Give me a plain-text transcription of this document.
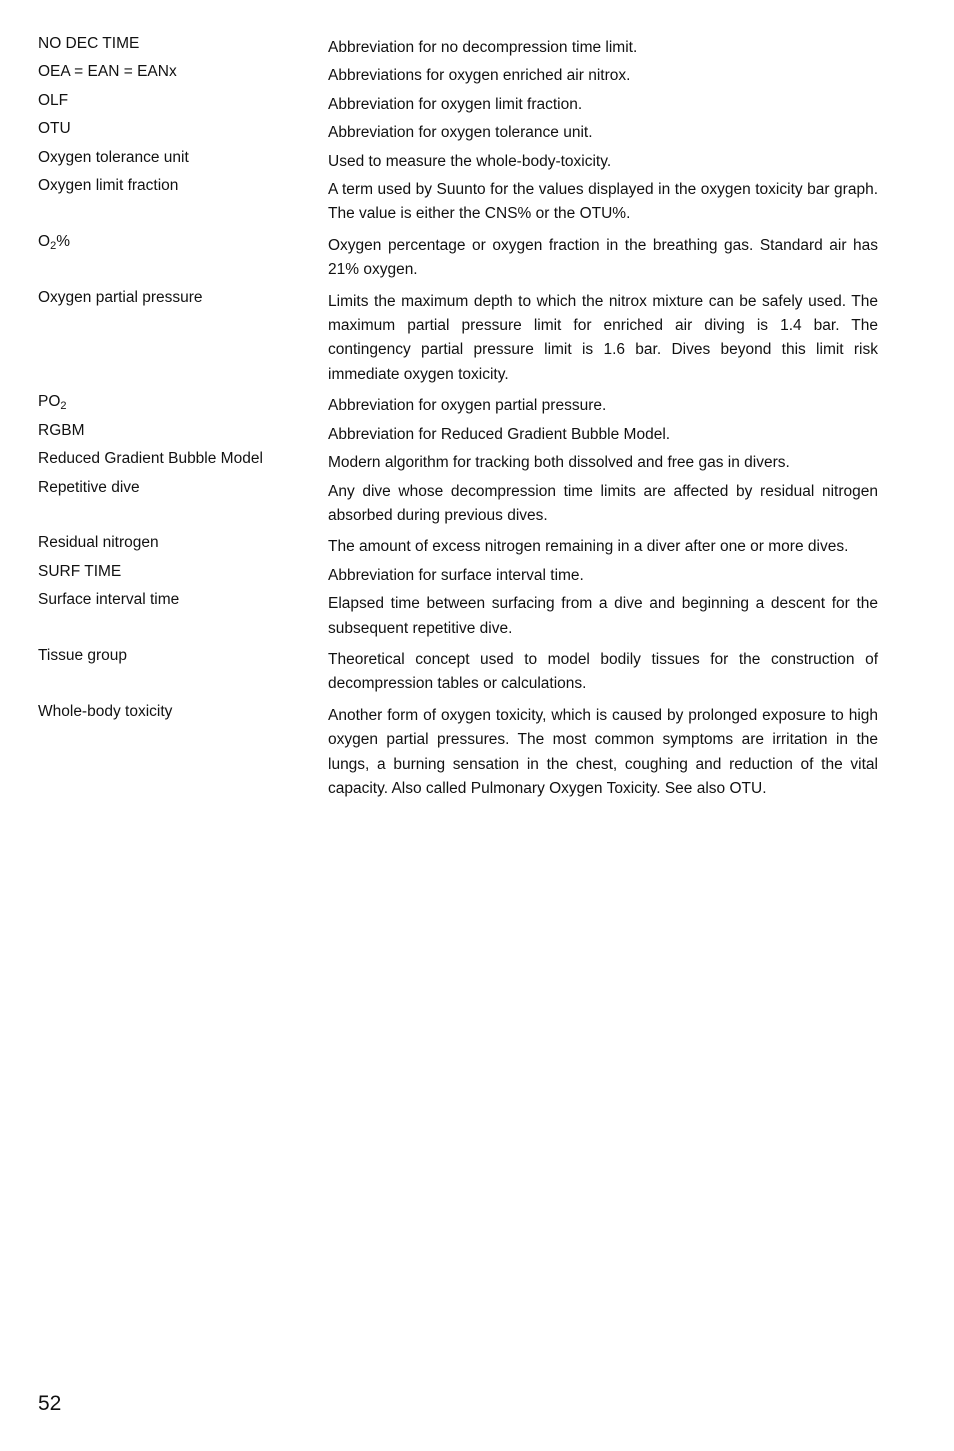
NO DEC TIME	Abbreviation for no decompression time limit.
OEA = EAN = EANx	Abbreviations for oxygen enriched air nitrox.
OLF	Abbreviation for oxygen limit fraction.
OTU	Abbreviation for oxygen tolerance unit.
Oxygen tolerance unit	Used to measure the whole-body-toxicity.
Oxygen limit fraction	A term used by Suunto for the values displayed in the oxygen toxicity bar graph. The value is either the CNS% or the OTU%.
$O_2\%$	Oxygen percentage or oxygen fraction in the breathing gas. Standard air has 21% oxygen.
Oxygen partial pressure	Limits the maximum depth to which the nitrox mixture can be safely used. The maximum partial pressure limit for enriched air diving is 1.4 bar. The contingency partial pressure limit is 1.6 bar. Dives beyond this limit risk immediate oxygen toxicity.
$PO_2$	Abbreviation for oxygen partial pressure.
RGBM	Abbreviation for Reduced Gradient Bubble Model.
Reduced Gradient Bubble Model	Modern algorithm for tracking both dissolved and free gas in divers.
Repetitive dive	Any dive whose decompression time limits are affected by residual nitrogen absorbed during previous dives.
Residual nitrogen	The amount of excess nitrogen remaining in a diver after one or more dives.
SURF TIME	Abbreviation for surface interval time.
Surface interval time	Elapsed time between surfacing from a dive and beginning a descent for the subsequent repetitive dive.
Tissue group	Theoretical concept used to model bodily tissues for the construction of decompression tables or calculations.
Whole-body toxicity	Another form of oxygen toxicity, which is caused by prolonged exposure to high oxygen partial pressures. The most common symptoms are irritation in the lungs, a burning sensation in the chest, coughing and reduction of the vital capacity. Also called Pulmonary Oxygen Toxicity. See also OTU.
52
